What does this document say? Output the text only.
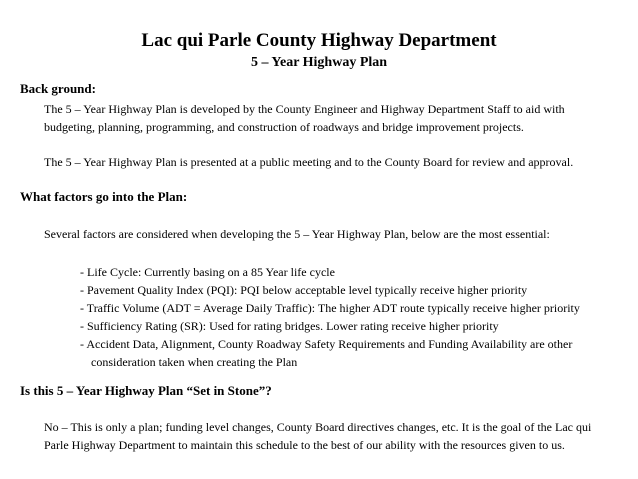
Lac qui Parle County Highway Department
5 – Year Highway Plan
Back ground:
The 5 – Year Highway Plan is developed by the County Engineer and Highway Department Staff to aid with
budgeting, planning, programming, and construction of roadways and bridge improvement projects.
The 5 – Year Highway Plan is presented at a public meeting and to the County Board for review and approval.
What factors go into the Plan:
Several factors are considered when developing the 5 – Year Highway Plan, below are the most essential:
- Life Cycle: Currently basing on a 85 Year life cycle
- Pavement Quality Index (PQI): PQI below acceptable level typically receive higher priority
- Traffic Volume (ADT = Average Daily Traffic): The higher ADT route typically receive higher priority
- Sufficiency Rating (SR): Used for rating bridges. Lower rating receive higher priority
- Accident Data, Alignment, County Roadway Safety Requirements and Funding Availability are other
consideration taken when creating the Plan
Is this 5 – Year Highway Plan “Set in Stone”?
No – This is only a plan; funding level changes, County Board directives changes, etc. It is the goal of the Lac qui
Parle Highway Department to maintain this schedule to the best of our ability with the resources given to us.
